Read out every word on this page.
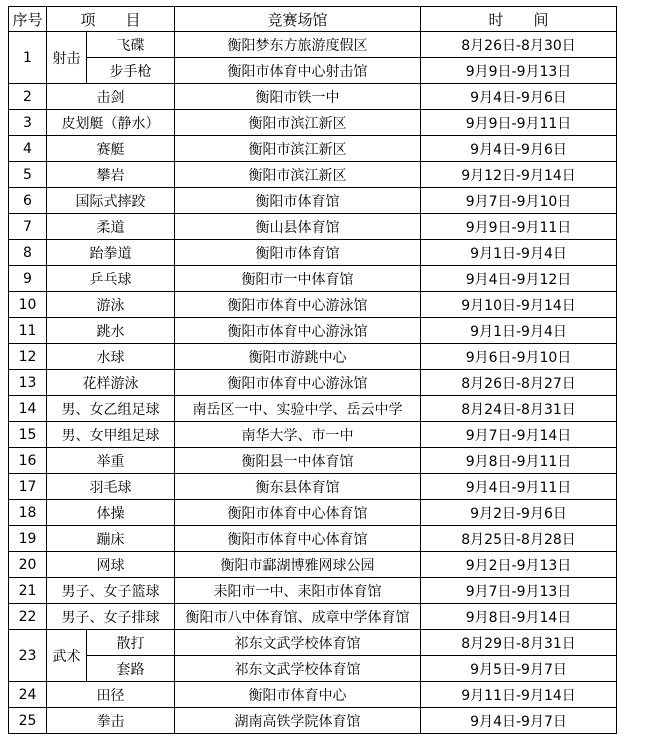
序号	项　　目		竞赛场馆	时　　间
1	射击	飞碟	衡阳梦东方旅游度假区	8月26日-8月30日
		步手枪	衡阳市体育中心射击馆	9月9日-9月13日
2	击剑		衡阳市铁一中	9月4日-9月6日
3	皮划艇（静水）		衡阳市滨江新区	9月9日-9月11日
4	赛艇		衡阳市滨江新区	9月4日-9月6日
5	攀岩		衡阳市滨江新区	9月12日-9月14日
6	国际式摔跤		衡阳市体育馆	9月7日-9月10日
7	柔道		衡山县体育馆	9月9日-9月11日
8	跆拳道		衡阳市体育馆	9月1日-9月4日
9	乒乓球		衡阳市一中体育馆	9月4日-9月12日
10	游泳		衡阳市体育中心游泳馆	9月10日-9月14日
11	跳水		衡阳市体育中心游泳馆	9月1日-9月4日
12	水球		衡阳市游跳中心	9月6日-9月10日
13	花样游泳		衡阳市体育中心游泳馆	8月26日-8月27日
14	男、女乙组足球		南岳区一中、实验中学、岳云中学	8月24日-8月31日
15	男、女甲组足球		南华大学、市一中	9月7日-9月14日
16	举重		衡阳县一中体育馆	9月8日-9月11日
17	羽毛球		衡东县体育馆	9月4日-9月11日
18	体操		衡阳市体育中心体育馆	9月2日-9月6日
19	蹦床		衡阳市体育中心体育馆	8月25日-8月28日
20	网球		衡阳市酃湖博雅网球公园	9月2日-9月13日
21	男子、女子篮球		耒阳市一中、耒阳市体育馆	9月7日-9月13日
22	男子、女子排球		衡阳市八中体育馆、成章中学体育馆	9月8日-9月14日
23	武术	散打	祁东文武学校体育馆	8月29日-8月31日
		套路	祁东文武学校体育馆	9月5日-9月7日
24	田径		衡阳市体育中心	9月11日-9月14日
25	拳击		湖南高铁学院体育馆	9月4日-9月7日
